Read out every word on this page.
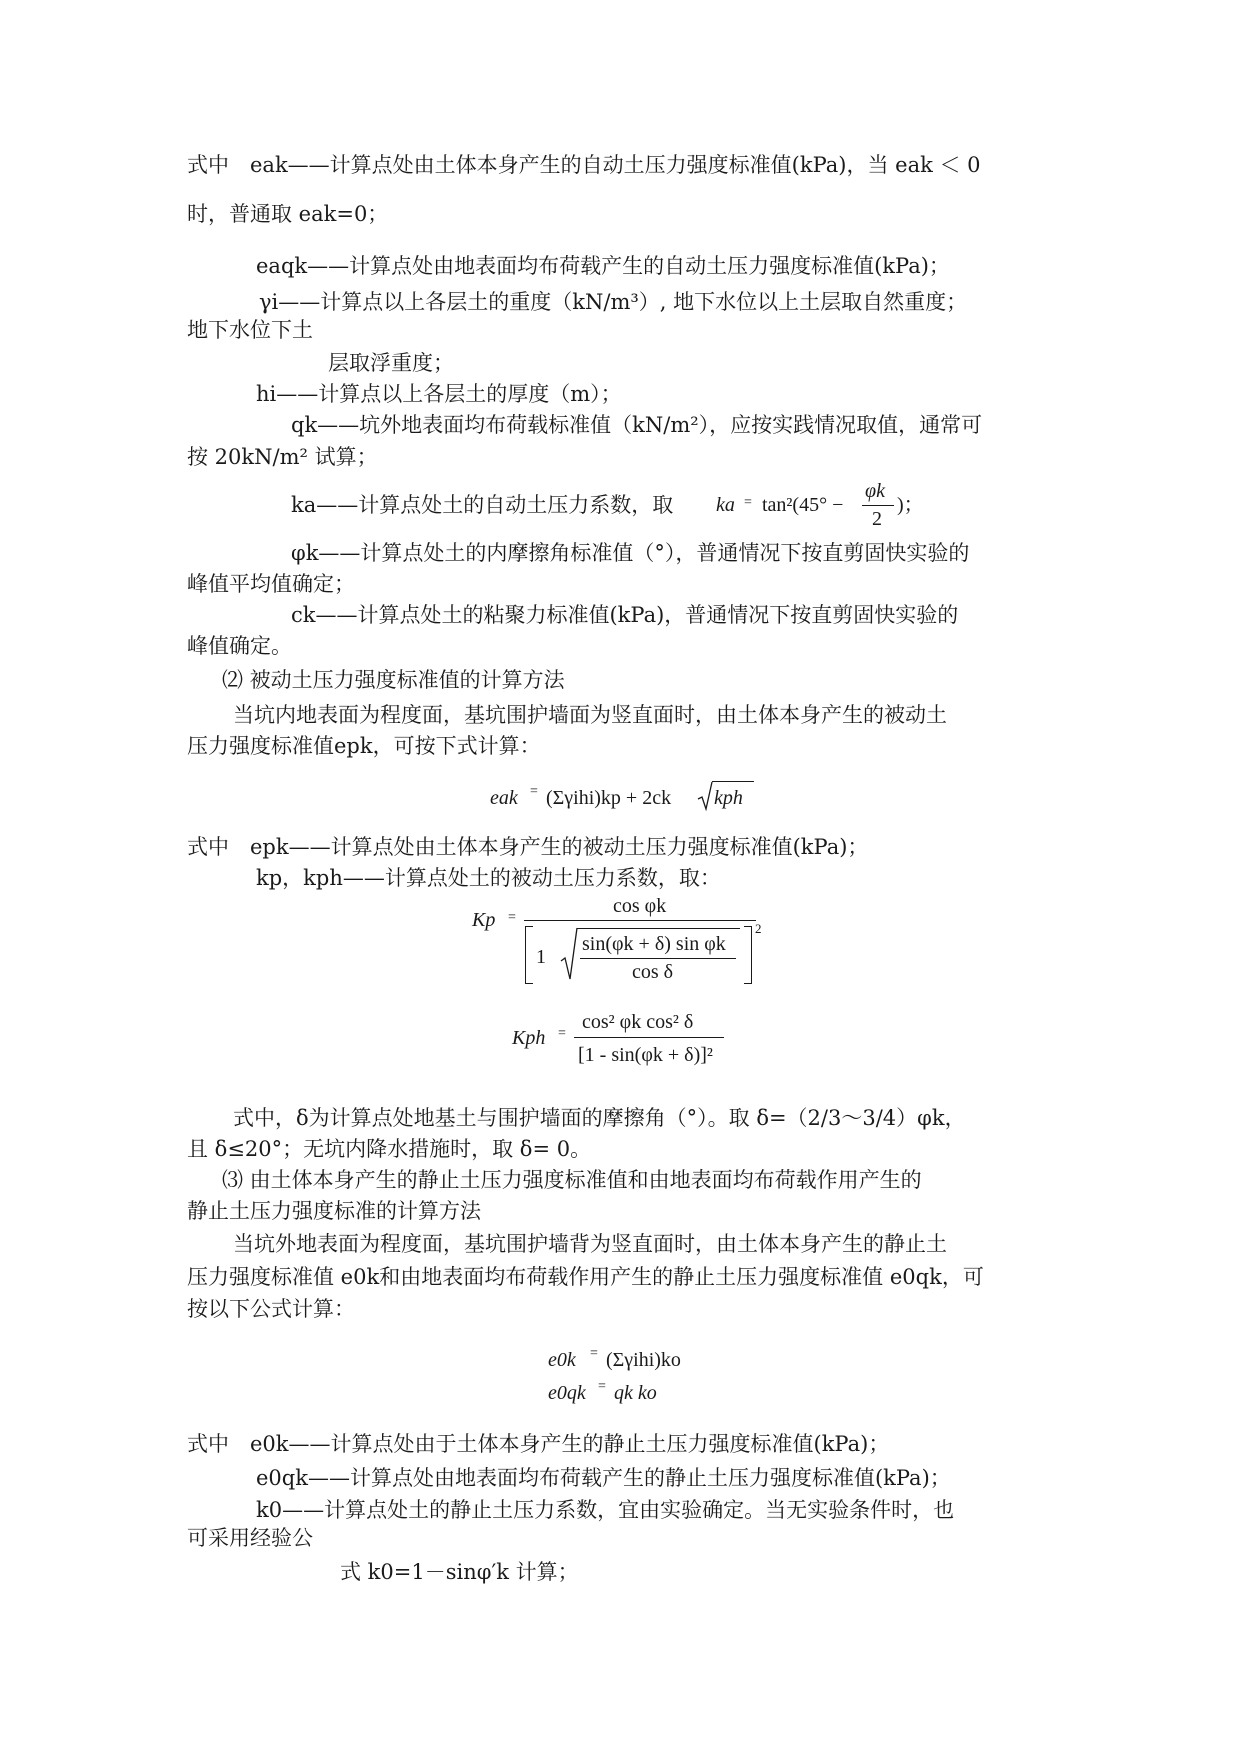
式中　eak——计算点处由土体本身产生的自动土压力强度标准值(kPa)，当 eak ＜ 0
时，普通取 eak=0；
eaqk——计算点处由地表面均布荷载产生的自动土压力强度标准值(kPa)；
γi——计算点以上各层土的重度（kN/m³）, 地下水位以上土层取自然重度；
地下水位下土
层取浮重度；
hi——计算点以上各层土的厚度（m）；
qk——坑外地表面均布荷载标准值（kN/m²），应按实践情况取值，通常可
按 20kN/m² 试算；
ka——计算点处土的自动土压力系数，取 ka = tan²(45° −
φk
2
)；
φk——计算点处土的内摩擦角标准值（°），普通情况下按直剪固快实验的
峰值平均值确定；
ck——计算点处土的粘聚力标准值(kPa)，普通情况下按直剪固快实验的
峰值确定。
⑵ 被动土压力强度标准值的计算方法
当坑内地表面为程度面，基坑围护墙面为竖直面时，由土体本身产生的被动土
压力强度标准值epk，可按下式计算：
eak = (Σγihi)kp + 2ck kph
式中　epk——计算点处由土体本身产生的被动土压力强度标准值(kPa)；
kp，kph——计算点处土的被动土压力系数，取：
Kp =
cos φk
1
sin(φk + δ) sin φk
cos δ
2
Kph =
cos² φk cos² δ
[1 - sin(φk + δ)]²
式中，δ为计算点处地基土与围护墙面的摩擦角（°）。取 δ=（2/3～3/4）φk，
且 δ≤20°；无坑内降水措施时，取 δ= 0。
⑶ 由土体本身产生的静止土压力强度标准值和由地表面均布荷载作用产生的
静止土压力强度标准的计算方法
当坑外地表面为程度面，基坑围护墙背为竖直面时，由土体本身产生的静止土
压力强度标准值 e0k和由地表面均布荷载作用产生的静止土压力强度标准值 e0qk，可
按以下公式计算：
e0k = (Σγihi)ko
e0qk = qk ko
式中　e0k——计算点处由于土体本身产生的静止土压力强度标准值(kPa)；
e0qk——计算点处由地表面均布荷载产生的静止土压力强度标准值(kPa)；
k0——计算点处土的静止土压力系数，宜由实验确定。当无实验条件时，也
可采用经验公
式 k0=1－sinφ′k 计算；
